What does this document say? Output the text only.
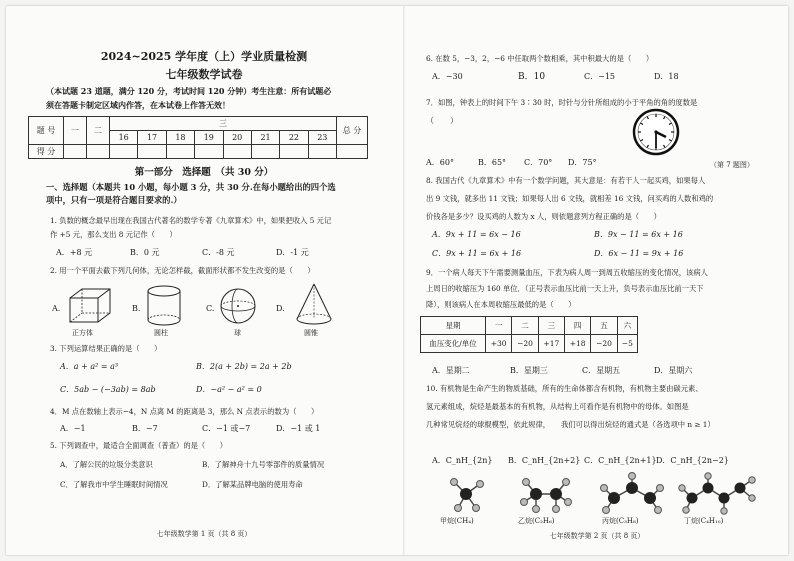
2024~2025 学年度（上）学业质量检测
七年级数学试卷
（本试题 23 道题，满分 120 分，考试时间 120 分钟）考生注意：所有试题必
须在答题卡制定区域内作答，在本试卷上作答无效！
题 号	一	二	三								总 分
			16	17	18	19	20	21	22	23	
得 分											
第一部分　选择题　（共 30 分）
一、选择题（本题共 10 小题，每小题 3 分，共 30 分.在每小题给出的四个选
项中，只有一项是符合题目要求的.）
1. 负数的概念最早出现在我国古代著名的数学专著《九章算术》中，如果把收入 5 元记
作 +5 元，那么支出 8 元记作（　　）
A．+8 元	B．0 元	C．-8 元	D．-1 元
2. 用一个平面去截下列几何体，无论怎样截，截面形状都不发生改变的是（　　）
A.
正方体
B.
圆柱
C.
球
D.
圆锥
3. 下列运算结果正确的是（　　）
A．a + a² = a³	B．2(a + 2b) = 2a + 2b
C．5ab − (−3ab) = 8ab	D．−a² − a² = 0
4．M 点在数轴上表示−4，N 点离 M 的距离是 3，那么 N 点表示的数为（　　）
A．−1	B．−7	C．−1 或−7	D．−1 或 1
5. 下列调查中，最适合全面调查（普查）的是（　　）
A．了解公民的垃圾分类意识	B．了解神舟十九号零部件的质量情况
C．了解我市中学生睡眠时间情况	D．了解某品牌电脑的使用寿命
七年级数学第 1 页（共 8 页）
6. 在数 5，−3，2，−6 中任取两个数相乘，其中积最大的是（　　）
A．−30	B．10	C．−15	D．18
7．如图，钟表上的时间下午 3∶30 时，时针与分针所组成的小于平角的角的度数是
（　　）
A．60°	B．65° C．70° D．75°	（第 7 题图）
8. 我国古代《九章算术》中有一个数学问题，其大意是：有若干人一起买鸡，如果每人
出 9 文钱，就多出 11 文钱；如果每人出 6 文钱，就相差 16 文钱，问买鸡的人数和鸡的
价钱各是多少？设买鸡的人数为 x 人，则依题意列方程正确的是（　　）
A．9x + 11 = 6x − 16	B．9x − 11 = 6x + 16
C．9x + 11 = 6x + 16	D．6x − 11 = 9x + 16
9．一个病人每天下午需要测量血压，下表为病人周一到周五收缩压的变化情况，该病人
上周日的收缩压为 160 单位．（正号表示血压比前一天上升，负号表示血压比前一天下
降），则该病人在本周收缩压最低的是（　　）
星期	一	二	三	四	五	六
血压变化/单位	+30	−20	+17	+18	−20	−5
A．星期二	B．星期三	C．星期五	D．星期六
10. 有机物是生命产生的物质基础，所有的生命体都含有机物，有机物主要由碳元素、
氢元素组成，烷烃是最基本的有机物，从结构上可看作是有机物中的母体。如图是
几种常见烷烃的球棍模型，依此规律，　　我们可以得出烷烃的通式是（各选项中 n ≥ 1）
A．C_nH_{2n} B．C_nH_{2n+2} C．C_nH_{2n+1} D．C_nH_{2n−2}
甲烷(CH₄)	乙烷(C₂H₆)	丙烷(C₃H₈)	丁烷(C₄H₁₀)
七年级数学第 2 页（共 8 页）
